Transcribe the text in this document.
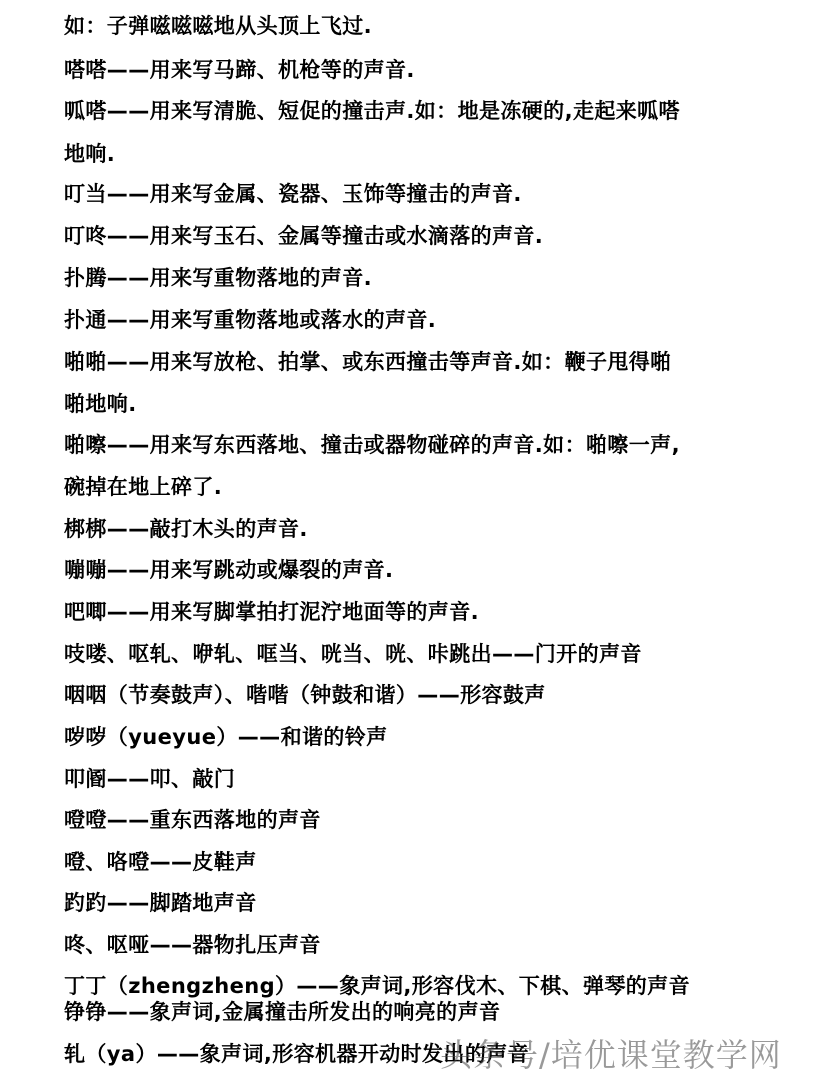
如：子弹嗞嗞嗞地从头顶上飞过.
嗒嗒——用来写马蹄、机枪等的声音.
呱嗒——用来写清脆、短促的撞击声.如：地是冻硬的,走起来呱嗒
地响.
叮当——用来写金属、瓷器、玉饰等撞击的声音.
叮咚——用来写玉石、金属等撞击或水滴落的声音.
扑腾——用来写重物落地的声音.
扑通——用来写重物落地或落水的声音.
啪啪——用来写放枪、拍掌、或东西撞击等声音.如：鞭子甩得啪
啪地响.
啪嚓——用来写东西落地、撞击或器物碰碎的声音.如：啪嚓一声,
碗掉在地上碎了.
梆梆——敲打木头的声音.
嘣嘣——用来写跳动或爆裂的声音.
吧唧——用来写脚掌拍打泥泞地面等的声音.
吱喽、呕轧、咿轧、哐当、咣当、咣、咔跳出——门开的声音
咽咽（节奏鼓声）、喈喈（钟鼓和谐）——形容鼓声
哕哕（yueyue）——和谐的铃声
叩阍——叩、敲门
噔噔——重东西落地的声音
噔、咯噔——皮鞋声
趵趵——脚踏地声音
咚、呕哑——器物扎压声音
丁丁（zhengzheng）——象声词,形容伐木、下棋、弹琴的声音
铮铮——象声词,金属撞击所发出的响亮的声音
轧（ya）——象声词,形容机器开动时发出的声音
头条号/培优课堂教学网
